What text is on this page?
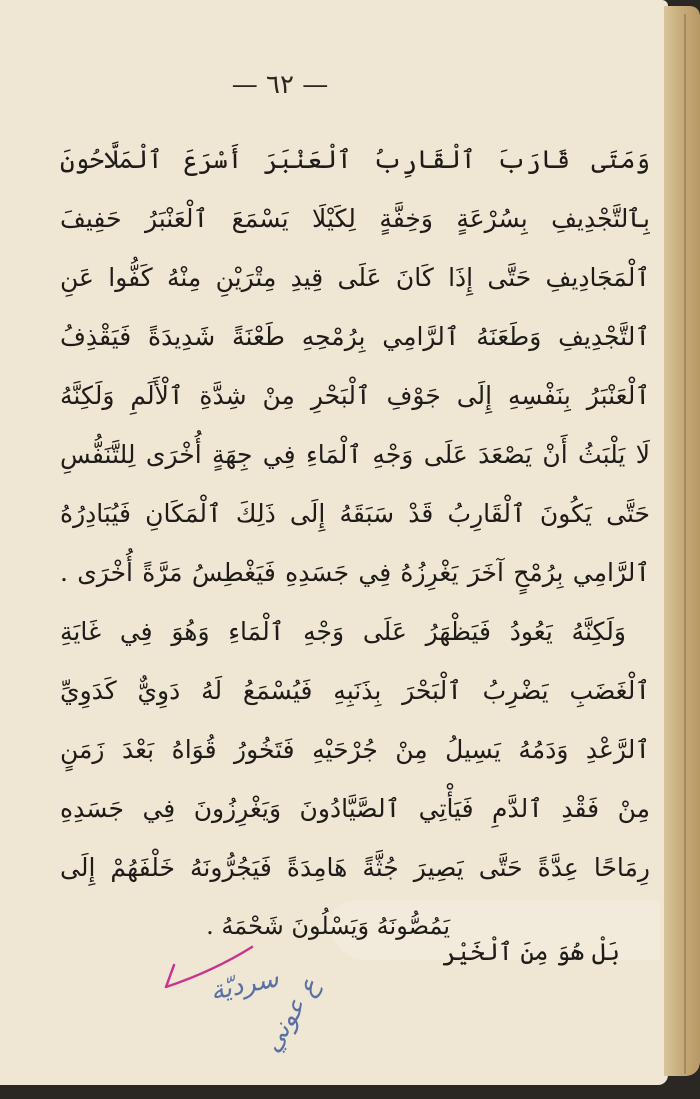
— ٦٢ —
وَمَتَى قَارَبَ ٱلْقَارِبُ ٱلْعَنْبَرَ أَسْرَعَ ٱلْمَلَّاحُونَ
بِٱلتَّجْدِيفِ بِسُرْعَةٍ وَخِفَّةٍ لِكَيْلَا يَسْمَعَ ٱلْعَنْبَرُ حَفِيفَ
ٱلْمَجَادِيفِ حَتَّى إِذَا كَانَ عَلَى قِيدِ مِتْرَيْنِ مِنْهُ كَفُّوا عَنِ
ٱلتَّجْدِيفِ وَطَعَنَهُ ٱلرَّامِي بِرُمْحِهِ طَعْنَةً شَدِيدَةً فَيَقْذِفُ
ٱلْعَنْبَرُ بِنَفْسِهِ إِلَى جَوْفِ ٱلْبَحْرِ مِنْ شِدَّةِ ٱلْأَلَمِ وَلَكِنَّهُ
لَا يَلْبَثُ أَنْ يَصْعَدَ عَلَى وَجْهِ ٱلْمَاءِ فِي جِهَةٍ أُخْرَى لِلتَّنَفُّسِ
حَتَّى يَكُونَ ٱلْقَارِبُ قَدْ سَبَقَهُ إِلَى ذَلِكَ ٱلْمَكَانِ فَيُبَادِرُهُ
ٱلرَّامِي بِرُمْحٍ آخَرَ يَغْرِزُهُ فِي جَسَدِهِ فَيَغْطِسُ مَرَّةً أُخْرَى .
وَلَكِنَّهُ يَعُودُ فَيَظْهَرُ عَلَى وَجْهِ ٱلْمَاءِ وَهُوَ فِي غَايَةِ
ٱلْغَضَبِ يَضْرِبُ ٱلْبَحْرَ بِذَنَبِهِ فَيُسْمَعُ لَهُ دَوِيٌّ كَدَوِيِّ
ٱلرَّعْدِ وَدَمُهُ يَسِيلُ مِنْ جُرْحَيْهِ فَتَخُورُ قُوَاهُ بَعْدَ زَمَنٍ
مِنْ فَقْدِ ٱلدَّمِ فَيَأْتِي ٱلصَّيَّادُونَ وَيَغْرِزُونَ فِي جَسَدِهِ
رِمَاحًا عِدَّةً حَتَّى يَصِيرَ جُثَّةً هَامِدَةً فَيَجُرُّونَهُ خَلْفَهُمْ إِلَى
يَمُصُّونَهُ وَيَسْلُونَ شَحْمَهُ .
بَلْ هُوَ مِنَ ٱلْخَيْر
سرديّة
ع عوني
